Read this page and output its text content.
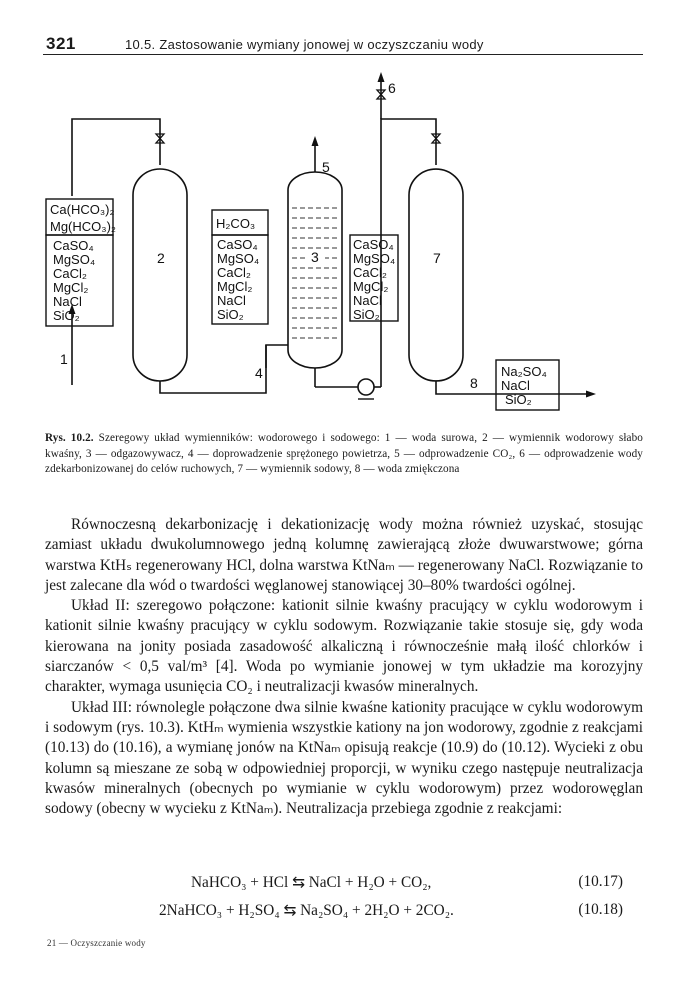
321	10.5. Zastosowanie wymiany jonowej w oczyszczaniu wody
Ca(HCO₃)₂
Mg(HCO₃)₂
CaSO₄
MgSO₄
CaCl₂
MgCl₂
NaCl
SiO₂
H₂CO₃
CaSO₄
MgSO₄
CaCl₂
MgCl₂
NaCl
SiO₂
CaSO₄
MgSO₄
CaCl₂
MgCl₂
NaCl
SiO₂
Na₂SO₄
NaCl
SiO₂
1
2	3
4
5
6
7
8
Rys. 10.2. Szeregowy układ wymienników: wodorowego i sodowego: 1 — woda surowa, 2 — wymiennik wodorowy słabo kwaśny, 3 — odgazowywacz, 4 — doprowadzenie sprężonego powietrza, 5 — odprowadzenie CO₂, 6 — odprowadzenie wody zdekarbonizowanej do celów ruchowych, 7 — wymiennik sodowy, 8 — woda zmiękczona

Równoczesną dekarbonizację i dekationizację wody można również uzyskać, stosując zamiast układu dwukolumnowego jedną kolumnę zawierającą złoże dwuwarstwowe; górna warstwa KtHₛ regenerowany HCl, dolna warstwa KtNaₘ — regenerowany NaCl. Rozwiązanie to jest zalecane dla wód o twardości węglanowej stanowiącej 30–80% twardości ogólnej.

Układ II: szeregowo połączone: kationit silnie kwaśny pracujący w cyklu wodorowym i kationit silnie kwaśny pracujący w cyklu sodowym. Rozwiązanie takie stosuje się, gdy woda kierowana na jonity posiada zasadowość alkaliczną i równocześnie małą ilość chlorków i siarczanów < 0,5 val/m³ [4]. Woda po wymianie jonowej w tym układzie ma korozyjny charakter, wymaga usunięcia CO₂ i neutralizacji kwasów mineralnych.

Układ III: równolegle połączone dwa silnie kwaśne kationity pracujące w cyklu wodorowym i sodowym (rys. 10.3). KtHₘ wymienia wszystkie kationy na jon wodorowy, zgodnie z reakcjami (10.13) do (10.16), a wymianę jonów na KtNaₘ opisują reakcje (10.9) do (10.12). Wycieki z obu kolumn są mieszane ze sobą w odpowiedniej proporcji, w wyniku czego następuje neutralizacja kwasów mineralnych (obecnych po wymianie w cyklu wodorowym) przez wodorowęglan sodowy (obecny w wycieku z KtNaₘ). Neutralizacja przebiega zgodnie z reakcjami:

NaHCO₃ + HCl ⇆ NaCl + H₂O + CO₂,	(10.17)
2NaHCO₃ + H₂SO₄ ⇆ Na₂SO₄ + 2H₂O + 2CO₂.	(10.18)
21 — Oczyszczanie wody
